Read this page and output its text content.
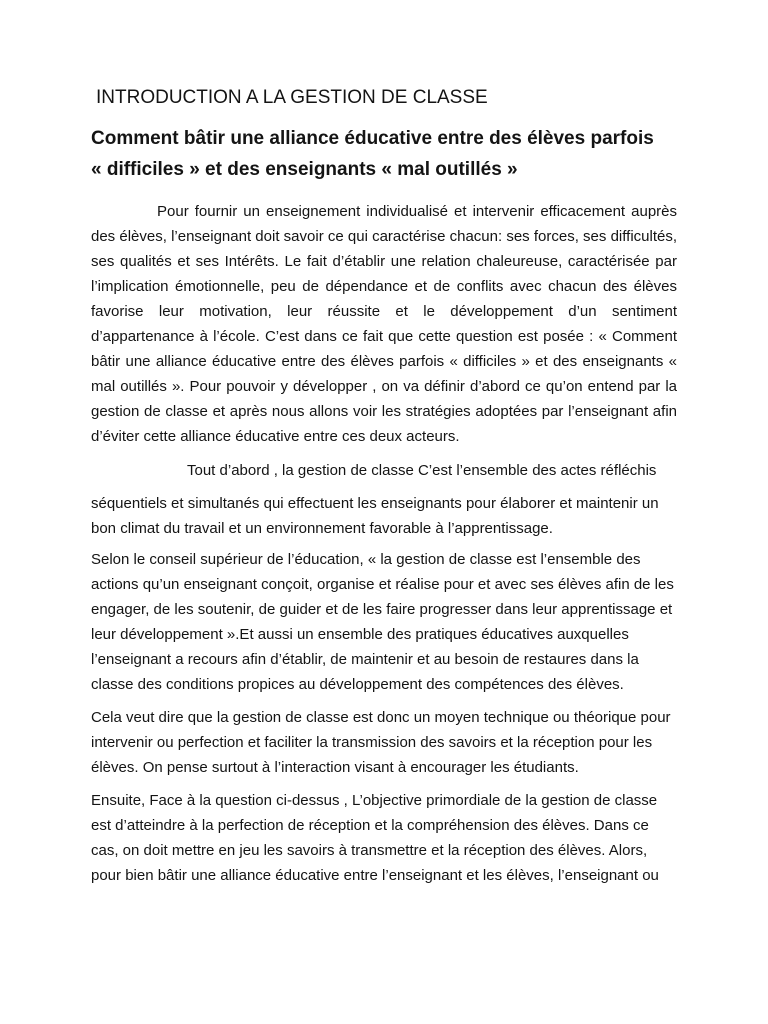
INTRODUCTION A LA GESTION DE CLASSE
Comment bâtir une alliance éducative entre des élèves parfois
« difficiles » et des enseignants « mal outillés »

Pour fournir un enseignement individualisé et intervenir efficacement auprès des élèves, l’enseignant doit savoir ce qui caractérise chacun: ses forces, ses difficultés, ses qualités et ses Intérêts. Le fait d’établir une relation chaleureuse, caractérisée par l’implication émotionnelle, peu de dépendance et de conflits avec chacun des élèves favorise leur motivation, leur réussite et le développement d’un sentiment d’appartenance à l’école. C’est dans ce fait que cette question est posée : « Comment bâtir une alliance éducative entre des élèves parfois « difficiles » et des enseignants « mal outillés ». Pour pouvoir y développer , on va définir d’abord ce qu’on entend par la gestion de classe et après nous allons voir les stratégies adoptées par l’enseignant afin d’éviter cette alliance éducative entre ces deux acteurs.

Tout d’abord , la gestion de classe C’est l’ensemble des actes réfléchis

séquentiels et simultanés qui effectuent les enseignants pour élaborer et maintenir un bon climat du travail et un environnement favorable à l’apprentissage.

Selon le conseil supérieur de l’éducation, « la gestion de classe est l’ensemble des actions qu’un enseignant conçoit, organise et réalise pour et avec ses élèves afin de les engager, de les soutenir, de guider et de les faire progresser dans leur apprentissage et leur développement ».Et aussi un ensemble des pratiques éducatives auxquelles l’enseignant a recours afin d’établir, de maintenir et au besoin de restaures dans la classe des conditions propices au développement des compétences des élèves.

Cela veut dire que la gestion de classe est donc un moyen technique ou théorique pour intervenir ou perfection et faciliter la transmission des savoirs et la réception pour les élèves. On pense surtout à l’interaction visant à encourager les étudiants.

Ensuite, Face à la question ci-dessus , L’objective primordiale de la gestion de classe est d’atteindre à la perfection de réception et la compréhension des élèves. Dans ce cas, on doit mettre en jeu les savoirs à transmettre et la réception des élèves. Alors, pour bien bâtir une alliance éducative entre l’enseignant et les élèves, l’enseignant ou
